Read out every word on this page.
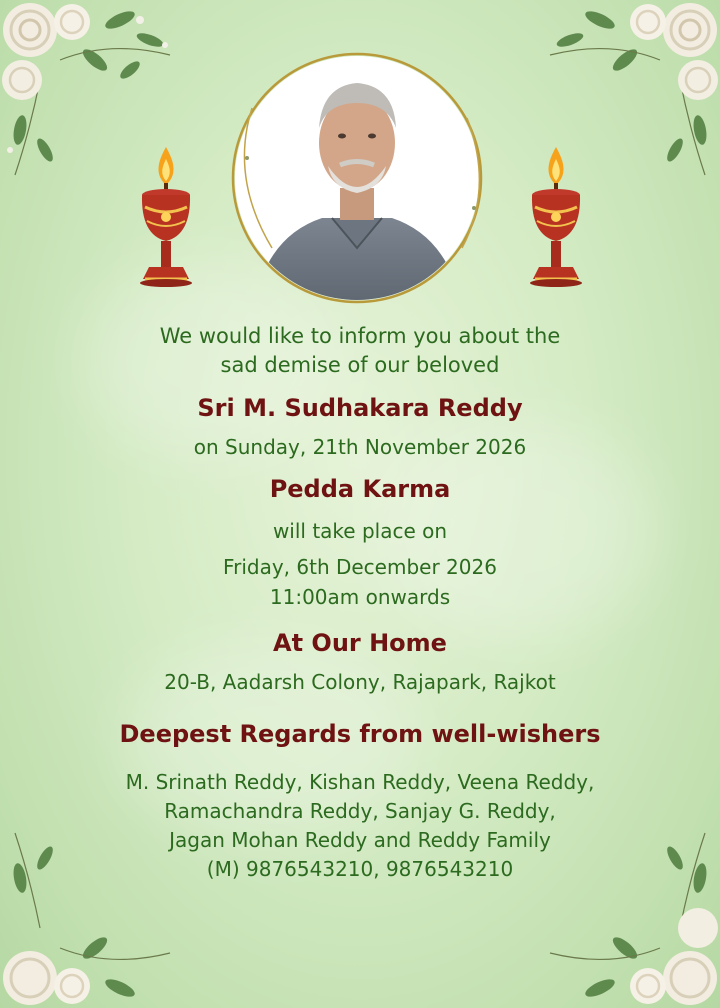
We would like to inform you about the

sad demise of our beloved

Sri M. Sudhakara Reddy

on Sunday, 21th November 2026

Pedda Karma

will take place on

Friday, 6th December 2026

11:00am onwards

At Our Home

20-B, Aadarsh Colony, Rajapark, Rajkot

Deepest Regards from well-wishers

M. Srinath Reddy, Kishan Reddy, Veena Reddy,
Ramachandra Reddy, Sanjay G. Reddy,
Jagan Mohan Reddy and Reddy Family
(M) 9876543210, 9876543210
